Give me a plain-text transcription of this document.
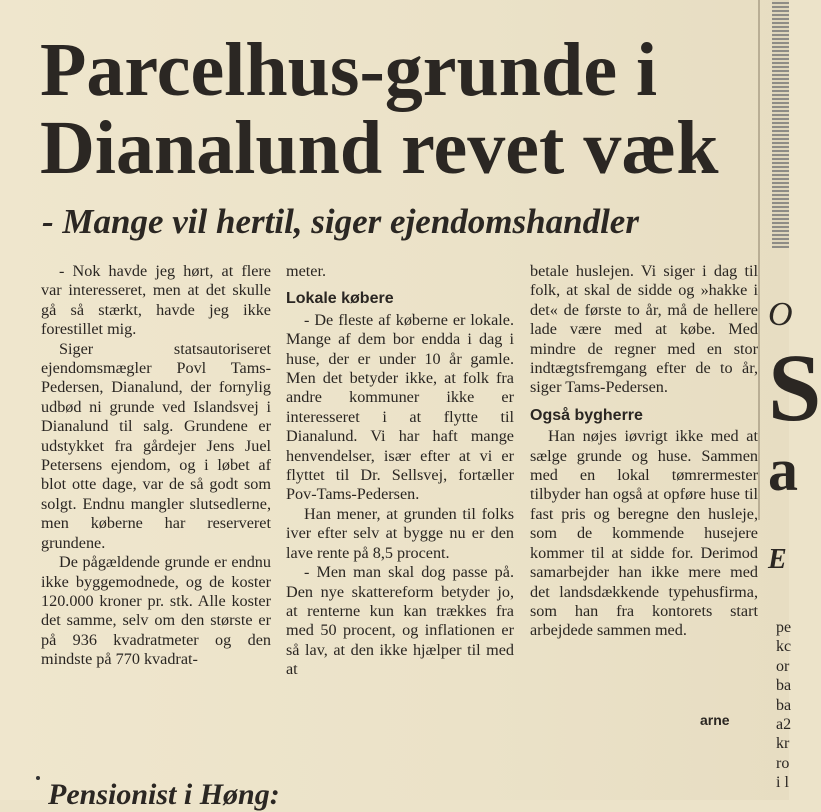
Parcelhus-grunde i
Dianalund revet væk
- Mange vil hertil, siger ejendomshandler

- Nok havde jeg hørt, at flere var interesseret, men at det skulle gå så stærkt, havde jeg ikke forestillet mig.

Siger statsautoriseret ejendomsmægler Povl Tams-Pedersen, Dianalund, der fornylig udbød ni grunde ved Islandsvej i Dianalund til salg. Grundene er udstykket fra gårdejer Jens Juel Petersens ejendom, og i løbet af blot otte dage, var de så godt som solgt. Endnu mangler slutsedlerne, men køberne har reserveret grundene.

De pågældende grunde er endnu ikke byggemodnede, og de koster 120.000 kroner pr. stk. Alle koster det samme, selv om den største er på 936 kvadratmeter og den mindste på 770 kvadrat-

meter.

Lokale købere

- De fleste af køberne er lokale. Mange af dem bor endda i dag i huse, der er under 10 år gamle. Men det betyder ikke, at folk fra andre kommuner ikke er interesseret i at flytte til Dianalund. Vi har haft mange henvendelser, især efter at vi er flyttet til Dr. Sellsvej, fortæller Pov-Tams-Pedersen.

Han mener, at grunden til folks iver efter selv at bygge nu er den lave rente på 8,5 procent.

- Men man skal dog passe på. Den nye skattereform betyder jo, at renterne kun kan trækkes fra med 50 procent, og inflationen er så lav, at den ikke hjælper til med at

betale huslejen. Vi siger i dag til folk, at skal de sidde og »hakke i det« de første to år, må de hellere lade være med at købe. Med mindre de regner med en stor indtægtsfremgang efter de to år, siger Tams-Pedersen.

Også bygherre

Han nøjes iøvrigt ikke med at sælge grunde og huse. Sammen med en lokal tømrermester tilbyder han også at opføre huse til fast pris og beregne den husleje, som de kommende husejere kommer til at sidde for. Derimod samarbejder han ikke mere med det landsdækkende typehusfirma, som han fra kontorets start arbejdede sammen med.

arne
Pensionist i Høng:
O
S
a
E
pe
kc
or
ba
ba
a2
kr
ro
i l
